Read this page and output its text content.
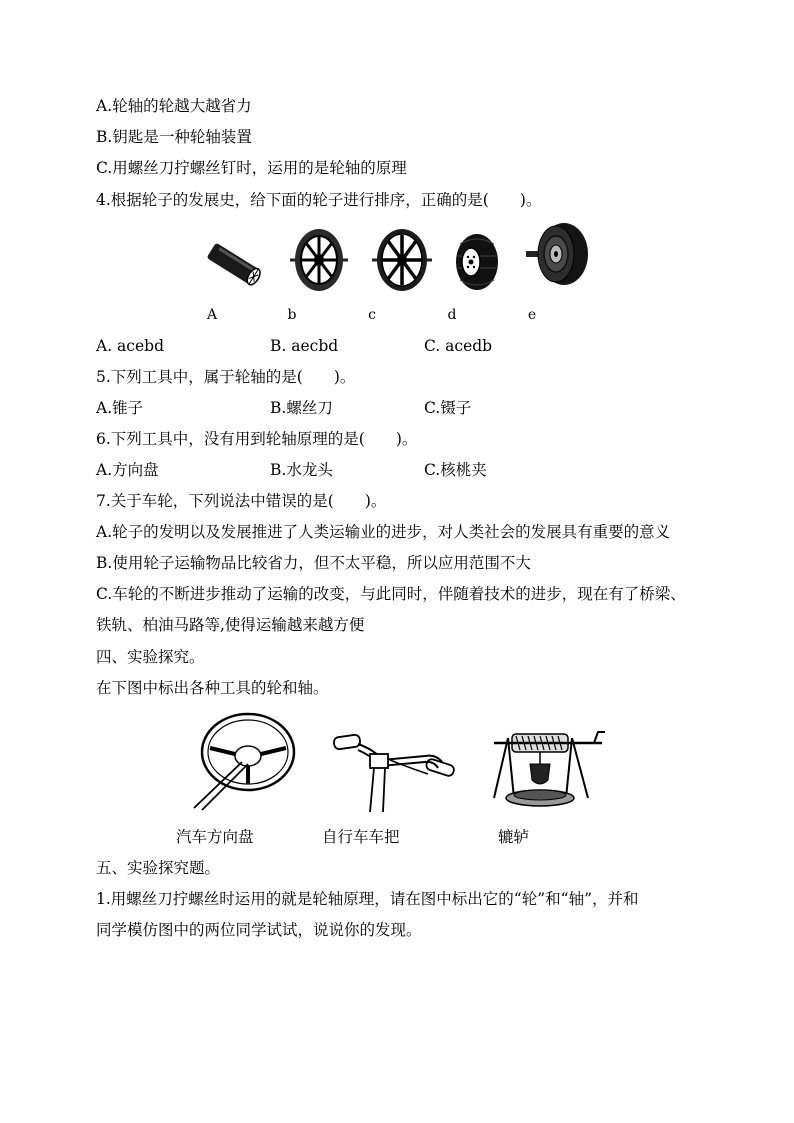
A.轮轴的轮越大越省力
B.钥匙是一种轮轴装置
C.用螺丝刀拧螺丝钉时，运用的是轮轴的原理
4.根据轮子的发展史，给下面的轮子进行排序，正确的是(　　)。
A	b	c	d	e
A. acebd	B. aecbd	C. acedb
5.下列工具中，属于轮轴的是(　　)。
A.锥子	B.螺丝刀	C.镊子
6.下列工具中，没有用到轮轴原理的是(　　)。
A.方向盘	B.水龙头	C.核桃夹
7.关于车轮，下列说法中错误的是(　　)。
A.轮子的发明以及发展推进了人类运输业的进步，对人类社会的发展具有重要的意义
B.使用轮子运输物品比较省力，但不太平稳，所以应用范围不大
C.车轮的不断进步推动了运输的改变，与此同时，伴随着技术的进步，现在有了桥梁、
铁轨、柏油马路等,使得运输越来越方便
四、实验探究。
在下图中标出各种工具的轮和轴。
汽车方向盘	自行车车把	辘轳
五、实验探究题。
1.用螺丝刀拧螺丝时运用的就是轮轴原理，请在图中标出它的“轮”和“轴”，并和
同学模仿图中的两位同学试试，说说你的发现。
